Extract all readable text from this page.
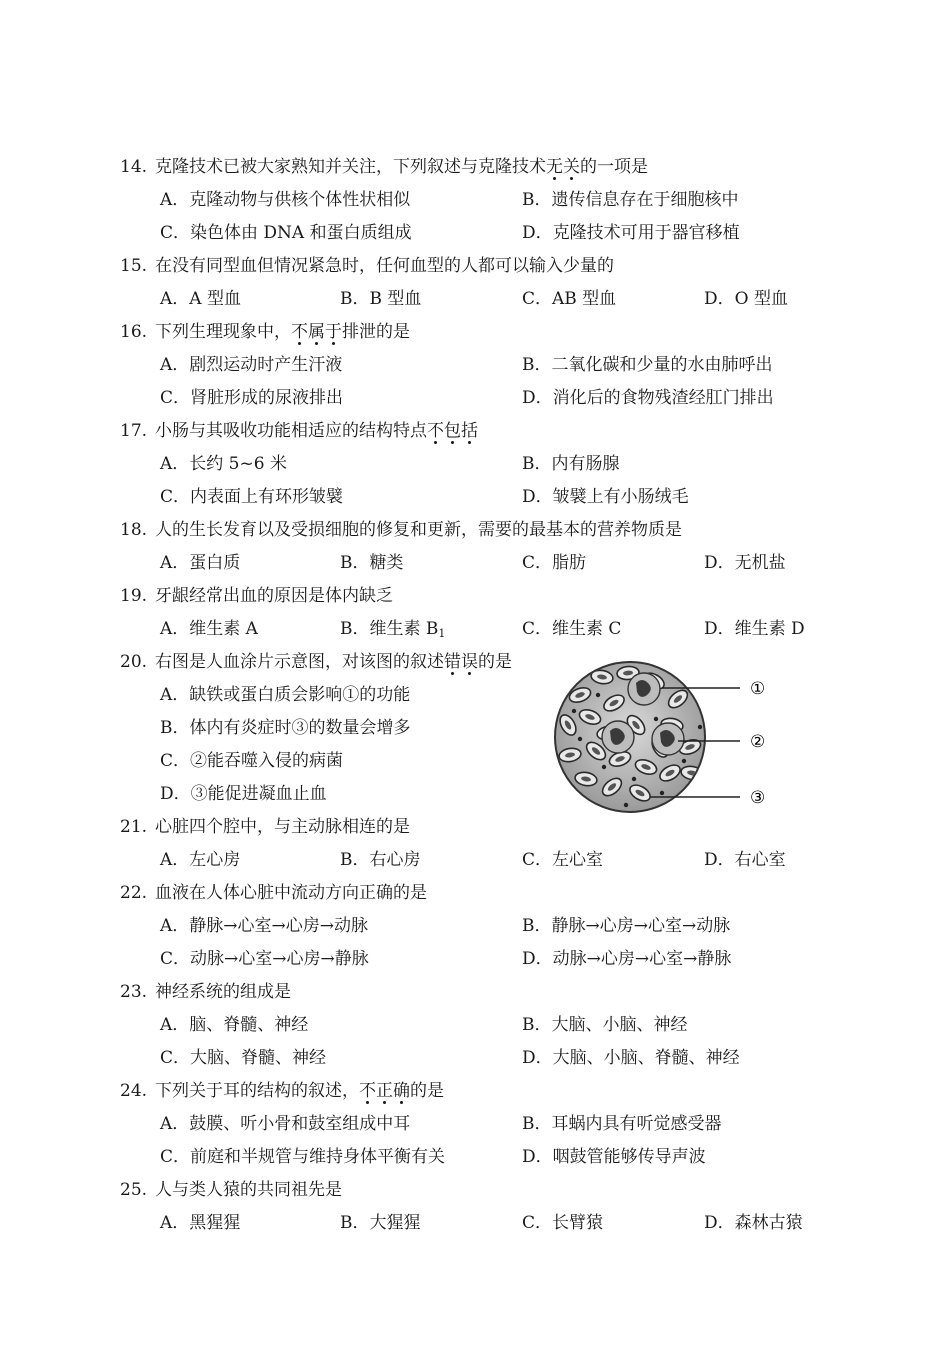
14. 克隆技术已被大家熟知并关注，下列叙述与克隆技术无关的一项是
A．克隆动物与供核个体性状相似	B．遗传信息存在于细胞核中
C．染色体由 DNA 和蛋白质组成	D．克隆技术可用于器官移植
15. 在没有同型血但情况紧急时，任何血型的人都可以输入少量的
A．A 型血	B．B 型血	C．AB 型血	D．O 型血
16. 下列生理现象中，不属于排泄的是
A．剧烈运动时产生汗液	B．二氧化碳和少量的水由肺呼出
C．肾脏形成的尿液排出	D．消化后的食物残渣经肛门排出
17. 小肠与其吸收功能相适应的结构特点不包括
A．长约 5~6 米	B．内有肠腺
C．内表面上有环形皱襞	D．皱襞上有小肠绒毛
18. 人的生长发育以及受损细胞的修复和更新，需要的最基本的营养物质是
A．蛋白质	B．糖类	C．脂肪	D．无机盐
19. 牙龈经常出血的原因是体内缺乏
A．维生素 A	B．维生素 $B_1$	C．维生素 C	D．维生素 D
20. 右图是人血涂片示意图，对该图的叙述错误的是
A．缺铁或蛋白质会影响①的功能
B．体内有炎症时③的数量会增多
C．②能吞噬入侵的病菌
D．③能促进凝血止血
21. 心脏四个腔中，与主动脉相连的是
A．左心房	B．右心房	C．左心室	D．右心室
22. 血液在人体心脏中流动方向正确的是
A．静脉→心室→心房→动脉	B．静脉→心房→心室→动脉
C．动脉→心室→心房→静脉	D．动脉→心房→心室→静脉
23. 神经系统的组成是
A．脑、脊髓、神经	B．大脑、小脑、神经
C．大脑、脊髓、神经	D．大脑、小脑、脊髓、神经
24. 下列关于耳的结构的叙述，不正确的是
A．鼓膜、听小骨和鼓室组成中耳	B．耳蜗内具有听觉感受器
C．前庭和半规管与维持身体平衡有关	D．咽鼓管能够传导声波
25. 人与类人猿的共同祖先是
A．黑猩猩	B．大猩猩	C．长臂猿	D．森林古猿
①
②
③
